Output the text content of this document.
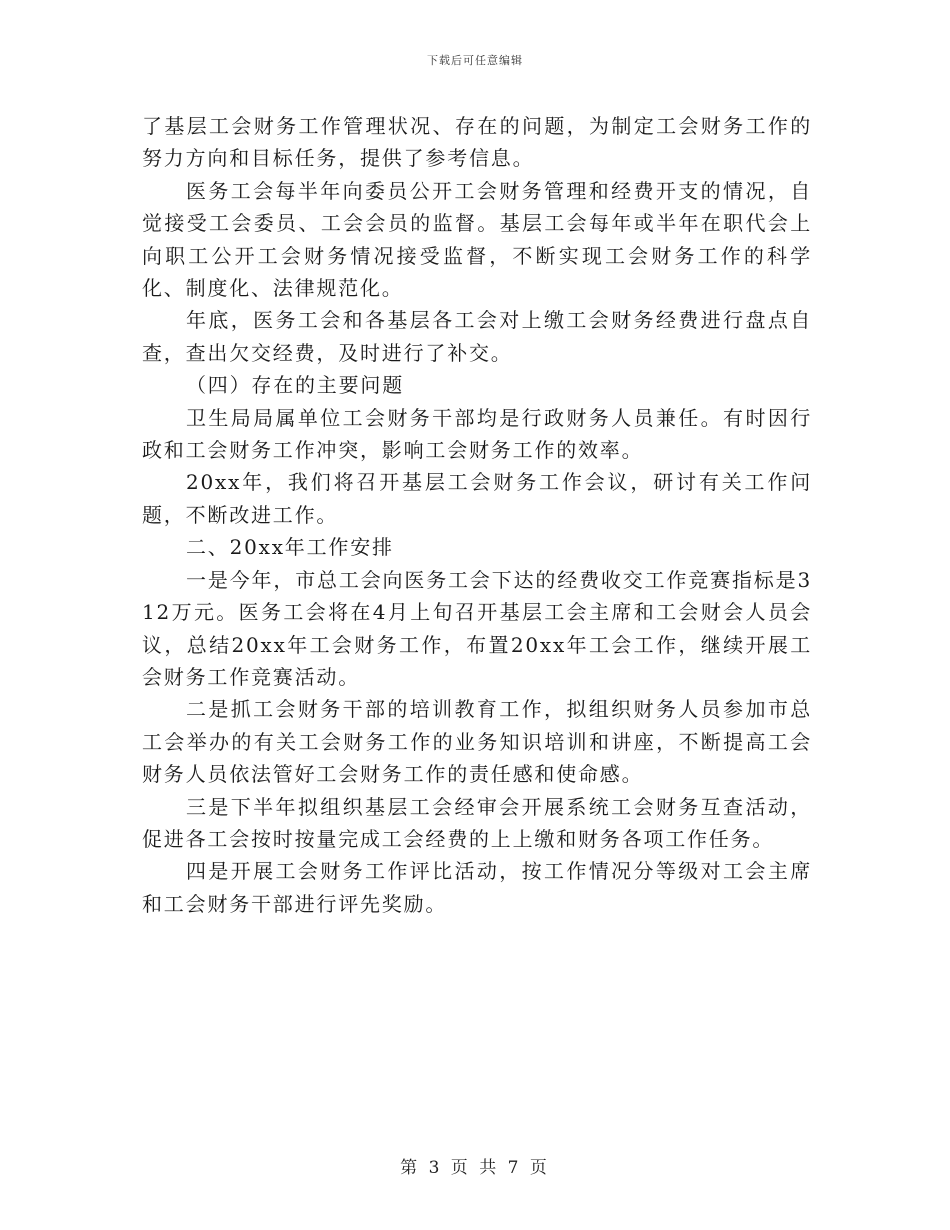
下载后可任意编辑

了基层工会财务工作管理状况、存在的问题，为制定工会财务工作的努力方向和目标任务，提供了参考信息。

医务工会每半年向委员公开工会财务管理和经费开支的情况，自觉接受工会委员、工会会员的监督。基层工会每年或半年在职代会上向职工公开工会财务情况接受监督，不断实现工会财务工作的科学化、制度化、法律规范化。

年底，医务工会和各基层各工会对上缴工会财务经费进行盘点自查，查出欠交经费，及时进行了补交。

（四）存在的主要问题

卫生局局属单位工会财务干部均是行政财务人员兼任。有时因行政和工会财务工作冲突，影响工会财务工作的效率。

20xx年，我们将召开基层工会财务工作会议，研讨有关工作问题，不断改进工作。

二、20xx年工作安排

一是今年，市总工会向医务工会下达的经费收交工作竞赛指标是312万元。医务工会将在4月上旬召开基层工会主席和工会财会人员会议，总结20xx年工会财务工作，布置20xx年工会工作，继续开展工会财务工作竞赛活动。

二是抓工会财务干部的培训教育工作，拟组织财务人员参加市总工会举办的有关工会财务工作的业务知识培训和讲座，不断提高工会财务人员依法管好工会财务工作的责任感和使命感。

三是下半年拟组织基层工会经审会开展系统工会财务互查活动，促进各工会按时按量完成工会经费的上上缴和财务各项工作任务。

四是开展工会财务工作评比活动，按工作情况分等级对工会主席和工会财务干部进行评先奖励。

第 3 页 共 7 页
